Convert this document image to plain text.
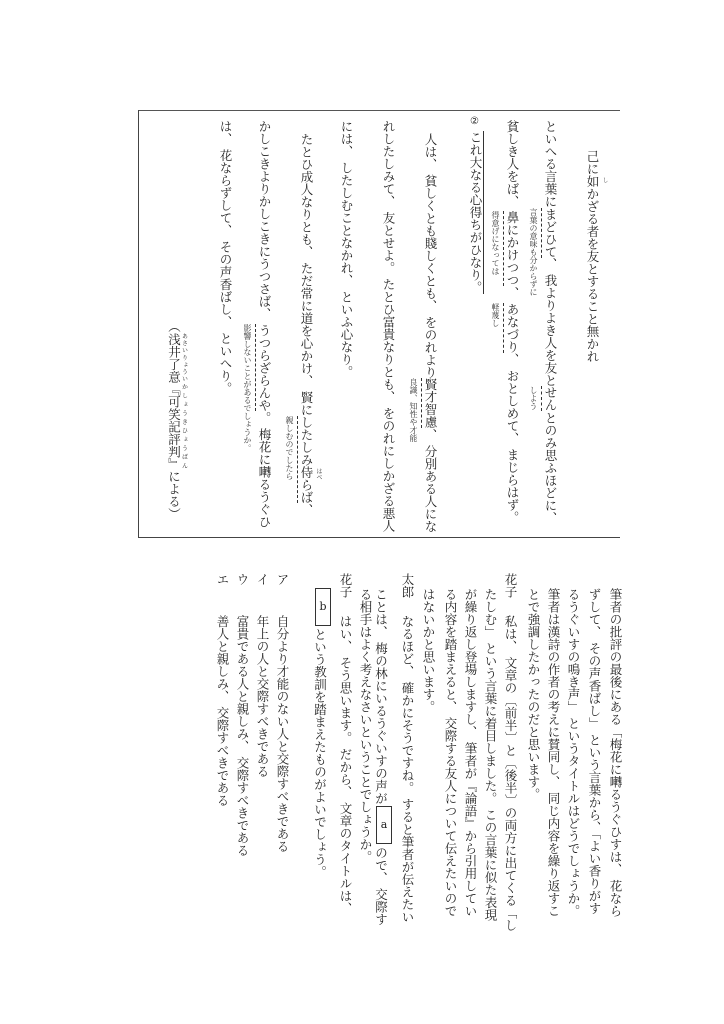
己に如 し
かざる者を友とすること無かれ
といへる言葉にまどひて
言葉の意味も分からずに
、 我よりよき人を友とせん
しよう
とのみ思ふほどに、
貧しき人をば、 鼻にかけつつ
得意げになっては
、 あなづり
軽蔑し
、 おとしめて、 まじらはず。
②
これ大なる心得ちがひなり。
人は、 貧しくとも賤しくとも、 をのれより賢才智慮
良識、知性や才能
、 分別ある人にな
れしたしみて、 友とせよ。 たとひ富貴なりとも、 をのれにしかざる悪人
には、 したしむことなかれ、 といふ心なり。
たとひ成人なりとも、 ただ常に道を心かけ、 賢にしたしみ侍 はべ
らば
親しむのでしたら
、
かしこきよりかしこきにうつさば、 うつらざらんや
影響しないことがあるでしょうか。
。 梅花に囀るうぐひ
は、 花ならずして、 その声香ばし、 といへり。
（浅井了意 あさいりょうい『可笑記評判』 かしょうきひょうばんによる）
筆者の批評の最後にある「梅花に囀るうぐひすは、 花なら
ずして、 その声香ばし」 という言葉から、「よい香りがす
るうぐいすの鳴き声」 というタイトルはどうでしょうか。
筆者は漢詩の作者の考えに賛同し、 同じ内容を繰り返すこ
とで強調したかったのだと思います。
花子
私は、 文章の〔前半〕と〔後半〕の両方に出てくる「し
たしむ」 という言葉に着目しました。 この言葉に似た表現
が繰り返し登場しますし、 筆者が『論語』から引用してい
る内容を踏まえると、 交際する友人について伝えたいので
はないかと思います。
太郎
なるほど、 確かにそうですね。 すると筆者が伝えたい
ことは、 梅の林にいるうぐいすの声がaので、 交際す
る相手はよく考えなさいということでしょうか。
花子
はい、 そう思います。 だから、 文章のタイトルは、
bという教訓を踏まえたものがよいでしょう。
ア
自分より才能のない人と交際すべきである
イ
年上の人と交際すべきである
ウ
富貴である人と親しみ、 交際すべきである
エ
善人と親しみ、 交際すべきである
